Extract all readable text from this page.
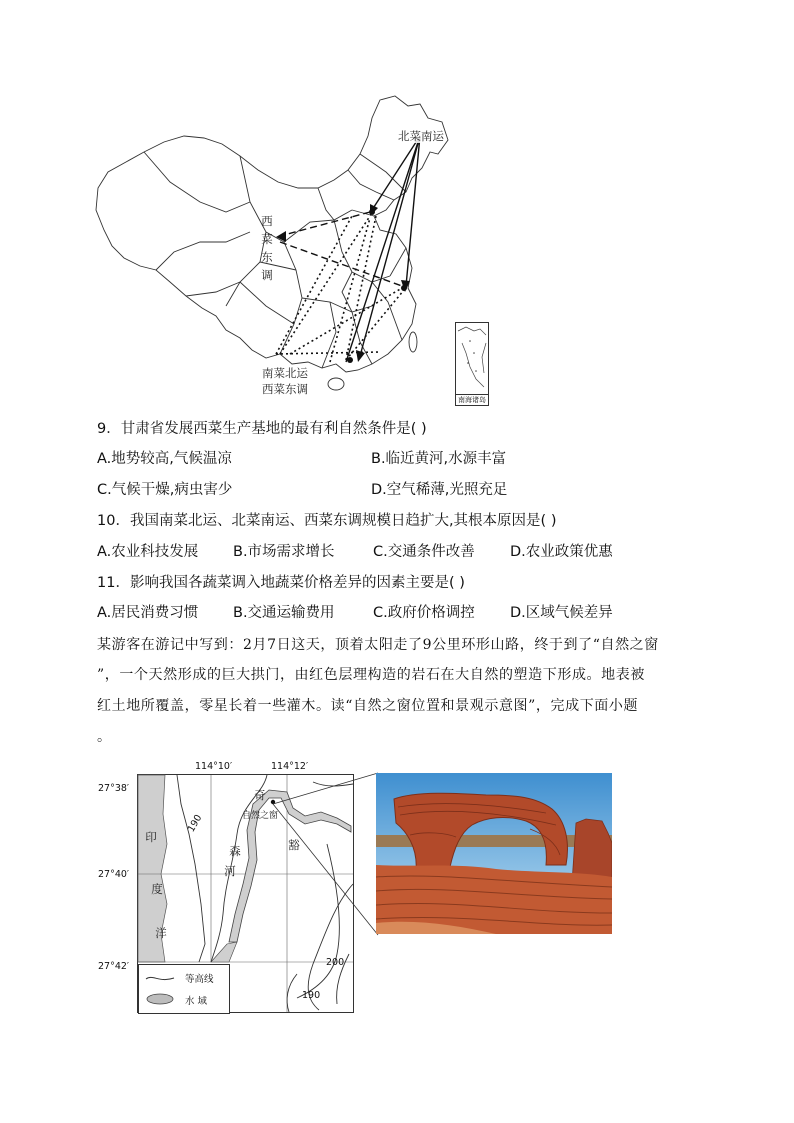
南海诸岛
北菜南运
西
菜
东
调
南菜北运
西菜东调
9．甘肃省发展西菜生产基地的最有利自然条件是( )
A.地势较高,气候温凉	B.临近黄河,水源丰富
C.气候干燥,病虫害少	D.空气稀薄,光照充足
10．我国南菜北运、北菜南运、西菜东调规模日趋扩大,其根本原因是( )
A.农业科技发展 B.市场需求增长	C.交通条件改善 D.农业政策优惠
11．影响我国各蔬菜调入地蔬菜价格差异的因素主要是( )
A.居民消费习惯 B.交通运输费用	C.政府价格调控 D.区域气候差异
某游客在游记中写到：2月7日这天，顶着太阳走了9公里环形山路，终于到了“自然之窗
”，一个天然形成的巨大拱门，由红色层理构造的岩石在大自然的塑造下形成。地表被
红土地所覆盖，零星长着一些灌木。读“自然之窗位置和景观示意图”，完成下面小题
。
114°10′	114°12′
27°38′
27°40′
27°42′
印
度
洋
森
河
奇
豁
自然之窗
190
200
190
等高线
水 域
